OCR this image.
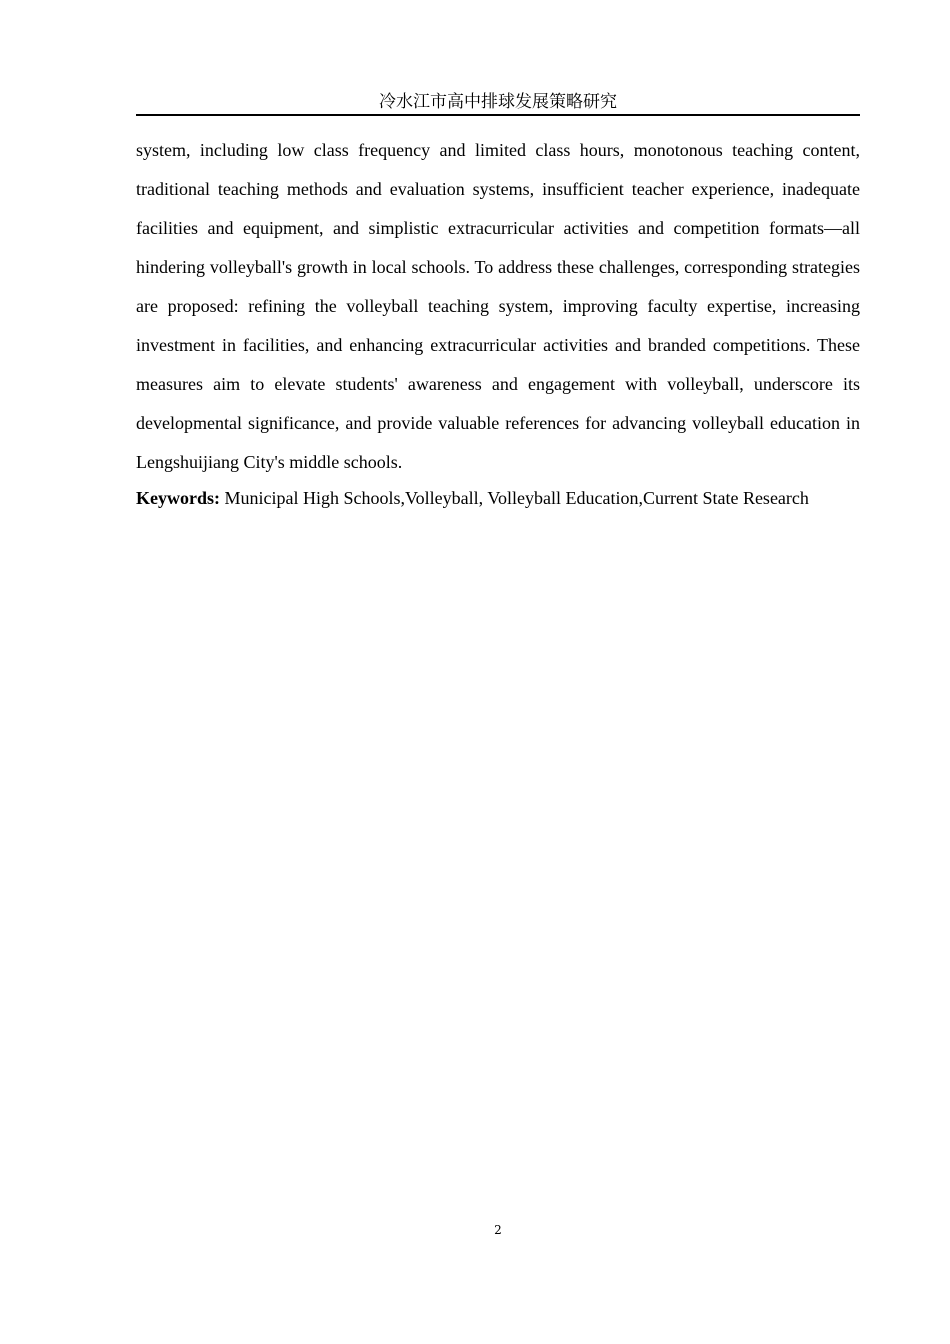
冷水江市高中排球发展策略研究

system, including low class frequency and limited class hours, monotonous teaching content, traditional teaching methods and evaluation systems, insufficient teacher experience, inadequate facilities and equipment, and simplistic extracurricular activities and competition formats—all hindering volleyball's growth in local schools. To address these challenges, corresponding strategies are proposed: refining the volleyball teaching system, improving faculty expertise, increasing investment in facilities, and enhancing extracurricular activities and branded competitions. These measures aim to elevate students' awareness and engagement with volleyball, underscore its developmental significance, and provide valuable references for advancing volleyball education in Lengshuijiang City's middle schools.

Keywords: Municipal High Schools,Volleyball, Volleyball Education,Current State Research

2
